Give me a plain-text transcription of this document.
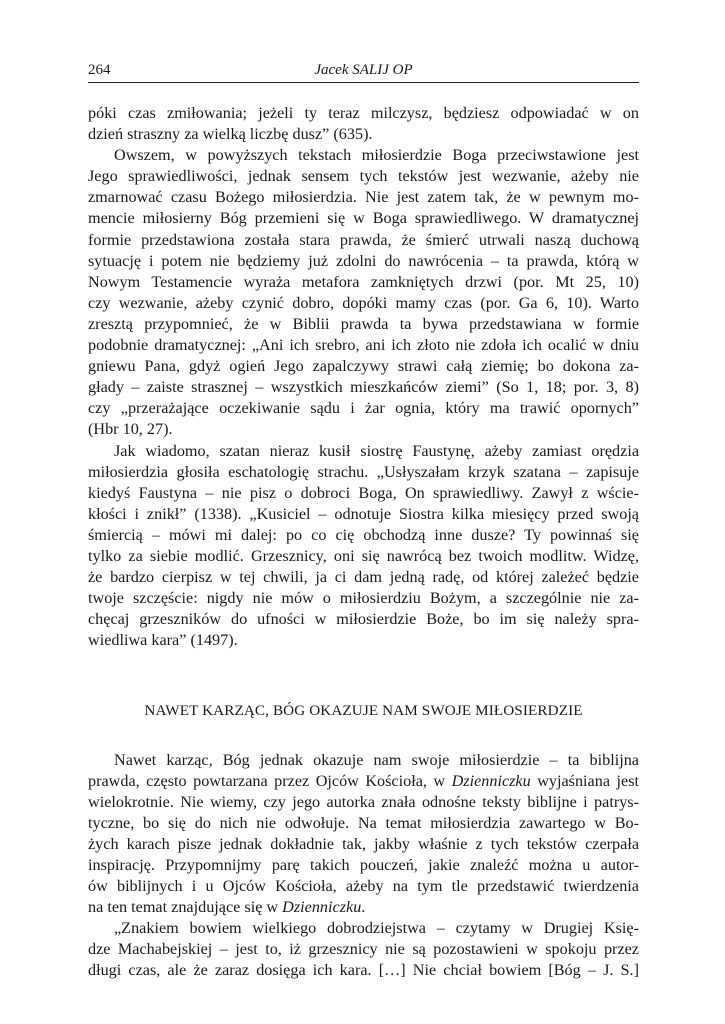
264	Jacek SALIJ OP

póki czas zmiłowania; jeżeli ty teraz milczysz, będziesz odpowiadać w on

dzień straszny za wielką liczbę dusz” (635).

Owszem, w powyższych tekstach miłosierdzie Boga przeciwstawione jest

Jego sprawiedliwości, jednak sensem tych tekstów jest wezwanie, ażeby nie

zmarnować czasu Bożego miłosierdzia. Nie jest zatem tak, że w pewnym mo-

mencie miłosierny Bóg przemieni się w Boga sprawiedliwego. W dramatycznej

formie przedstawiona została stara prawda, że śmierć utrwali naszą duchową

sytuację i potem nie będziemy już zdolni do nawrócenia – ta prawda, którą w

Nowym Testamencie wyraża metafora zamkniętych drzwi (por. Mt 25, 10)

czy wezwanie, ażeby czynić dobro, dopóki mamy czas (por. Ga 6, 10). Warto

zresztą przypomnieć, że w Biblii prawda ta bywa przedstawiana w formie

podobnie dramatycznej: „Ani ich srebro, ani ich złoto nie zdoła ich ocalić w dniu

gniewu Pana, gdyż ogień Jego zapalczywy strawi całą ziemię; bo dokona za-

głady – zaiste strasznej – wszystkich mieszkańców ziemi” (So 1, 18; por. 3, 8)

czy „przerażające oczekiwanie sądu i żar ognia, który ma trawić opornych”

(Hbr 10, 27).

Jak wiadomo, szatan nieraz kusił siostrę Faustynę, ażeby zamiast orędzia

miłosierdzia głosiła eschatologię strachu. „Usłyszałam krzyk szatana – zapisuje

kiedyś Faustyna – nie pisz o dobroci Boga, On sprawiedliwy. Zawył z wście-

kłości i znikł” (1338). „Kusiciel – odnotuje Siostra kilka miesięcy przed swoją

śmiercią – mówi mi dalej: po co cię obchodzą inne dusze? Ty powinnaś się

tylko za siebie modlić. Grzesznicy, oni się nawrócą bez twoich modlitw. Widzę,

że bardzo cierpisz w tej chwili, ja ci dam jedną radę, od której zależeć będzie

twoje szczęście: nigdy nie mów o miłosierdziu Bożym, a szczególnie nie za-

chęcaj grzeszników do ufności w miłosierdzie Boże, bo im się należy spra-

wiedliwa kara” (1497).

NAWET KARZĄC, BÓG OKAZUJE NAM SWOJE MIŁOSIERDZIE

Nawet karząc, Bóg jednak okazuje nam swoje miłosierdzie – ta biblijna

prawda, często powtarzana przez Ojców Kościoła, w Dzienniczku wyjaśniana jest

wielokrotnie. Nie wiemy, czy jego autorka znała odnośne teksty biblijne i patrys-

tyczne, bo się do nich nie odwołuje. Na temat miłosierdzia zawartego w Bo-

żych karach pisze jednak dokładnie tak, jakby właśnie z tych tekstów czerpała

inspirację. Przypomnijmy parę takich pouczeń, jakie znaleźć można u autor-

ów biblijnych i u Ojców Kościoła, ażeby na tym tle przedstawić twierdzenia

na ten temat znajdujące się w Dzienniczku.

„Znakiem bowiem wielkiego dobrodziejstwa – czytamy w Drugiej Księ-

dze Machabejskiej – jest to, iż grzesznicy nie są pozostawieni w spokoju przez

długi czas, ale że zaraz dosięga ich kara. […] Nie chciał bowiem [Bóg – J. S.]
